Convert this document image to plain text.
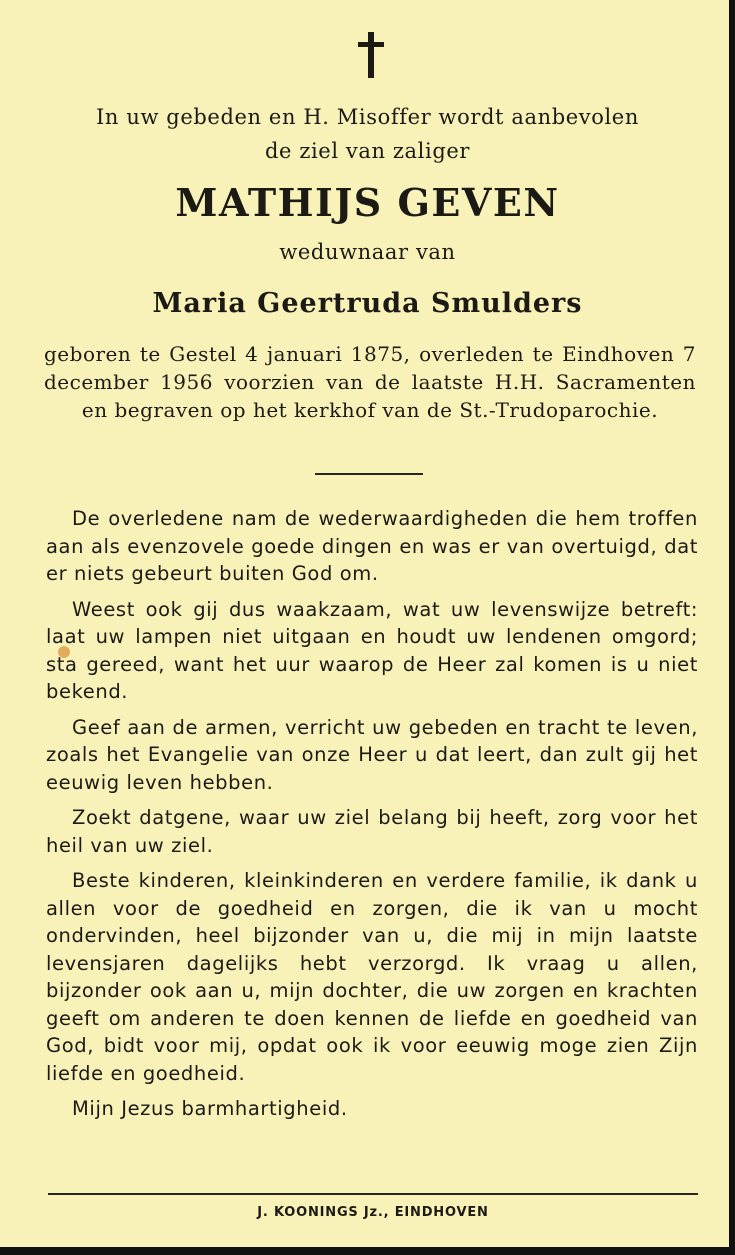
In uw gebeden en H. Misoffer wordt aanbevolen
de ziel van zaliger
MATHIJS GEVEN
weduwnaar van
Maria Geertruda Smulders
geboren te Gestel 4 januari 1875, overleden te Eindhoven 7 december 1956 voorzien van de laatste H.H. Sacramenten en begraven op het kerkhof van de St.-Trudoparochie.

De overledene nam de wederwaardigheden die hem troffen aan als evenzovele goede dingen en was er van overtuigd, dat er niets gebeurt buiten God om.

Weest ook gij dus waakzaam, wat uw levenswijze betreft: laat uw lampen niet uitgaan en houdt uw lendenen omgord; sta gereed, want het uur waarop de Heer zal komen is u niet bekend.

Geef aan de armen, verricht uw gebeden en tracht te leven, zoals het Evangelie van onze Heer u dat leert, dan zult gij het eeuwig leven hebben.

Zoekt datgene, waar uw ziel belang bij heeft, zorg voor het heil van uw ziel.

Beste kinderen, kleinkinderen en verdere familie, ik dank u allen voor de goedheid en zorgen, die ik van u mocht ondervinden, heel bijzonder van u, die mij in mijn laatste levensjaren dagelijks hebt verzorgd. Ik vraag u allen, bijzonder ook aan u, mijn dochter, die uw zorgen en krachten geeft om anderen te doen kennen de liefde en goedheid van God, bidt voor mij, opdat ook ik voor eeuwig moge zien Zijn liefde en goedheid.

Mijn Jezus barmhartigheid.

J. KOONINGS Jz., EINDHOVEN
